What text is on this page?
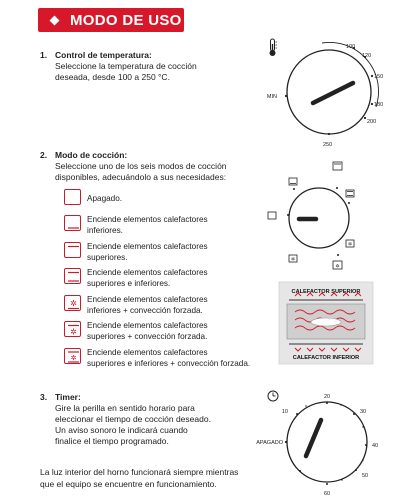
MODO DE USO
1. Control de temperatura:
Seleccione la temperatura de cocción
deseada, desde 100 a 250 °C.
2. Modo de cocción:
Seleccione uno de los seis modos de cocción
disponibles, adecuándolo a sus necesidades:
Apagado.
Enciende elementos calefactores
inferiores.
Enciende elementos calefactores
superiores.
Enciende elementos calefactores
superiores e inferiores.
✲ Enciende elementos calefactores
inferiores + convección forzada.
✲
Enciende elementos calefactores
superiores + convección forzada.
✲
Enciende elementos calefactores
superiores e inferiores + convección forzada.
3. Timer:
Gire la perilla en sentido horario para
eleccionar el tiempo de cocción deseado.
Un aviso sonoro le indicará cuando
finalice el tiempo programado.
La luz interior del horno funcionará siempre mientras
que el equipo se encuentre en funcionamiento.
MIN
100
120
150
180
200
250
✲
✲
✲
CALEFACTOR SUPERIOR
CALEFACTOR INFERIOR
10
20
30
40
50
60
APAGADO
